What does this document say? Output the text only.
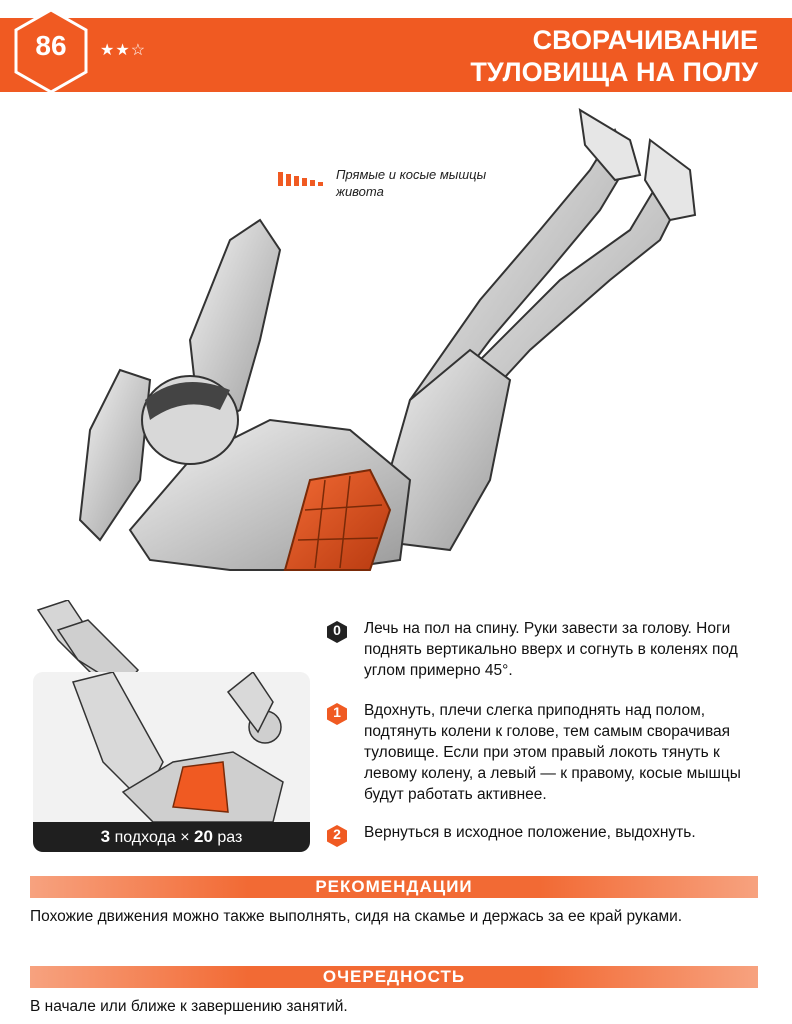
86	★★☆	СВОРАЧИВАНИЕ
ТУЛОВИЩА НА ПОЛУ
Прямые и косые мышцы
живота
3 подхода × 20 раз
0	Лечь на пол на спину. Руки завести за голову. Ноги поднять вертикально вверх и согнуть в коленях под углом примерно 45°.
1	Вдохнуть, плечи слегка приподнять над полом, подтянуть колени к голове, тем самым сворачивая туловище. Если при этом правый локоть тянуть к левому колену, а левый — к правому, косые мышцы будут работать активнее.
2	Вернуться в исходное положение, выдохнуть.
РЕКОМЕНДАЦИИ
Похожие движения можно также выполнять, сидя на скамье и держась за ее край руками.
ОЧЕРЕДНОСТЬ
В начале или ближе к завершению занятий.
